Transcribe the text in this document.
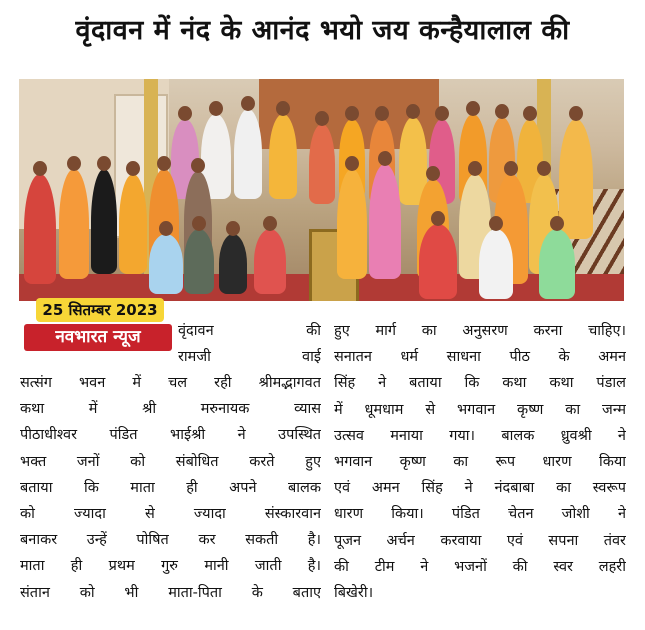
वृंदावन में नंद के आनंद भयो जय कन्हैयालाल की
25 सितम्बर 2023
नवभारत न्यूज	वृंदावन की
रामजी वाई
सत्संग भवन में चल रही श्रीमद्भागवत
कथा में श्री मरुनायक व्यास
पीठाधीश्वर पंडित भाईश्री ने उपस्थित
भक्त जनों को संबोधित करते हुए
बताया कि माता ही अपने बालक
को ज्यादा से ज्यादा संस्कारवान
बनाकर उन्हें पोषित कर सकती है।
माता ही प्रथम गुरु मानी जाती है।
संतान को भी माता-पिता के बताए
हुए मार्ग का अनुसरण करना चाहिए।
सनातन धर्म साधना पीठ के अमन
सिंह ने बताया कि कथा कथा पंडाल
में धूमधाम से भगवान कृष्ण का जन्म
उत्सव मनाया गया। बालक ध्रुवश्री ने
भगवान कृष्ण का रूप धारण किया
एवं अमन सिंह ने नंदबाबा का स्वरूप
धारण किया। पंडित चेतन जोशी ने
पूजन अर्चन करवाया एवं सपना तंवर
की टीम ने भजनों की स्वर लहरी
बिखेरी।
